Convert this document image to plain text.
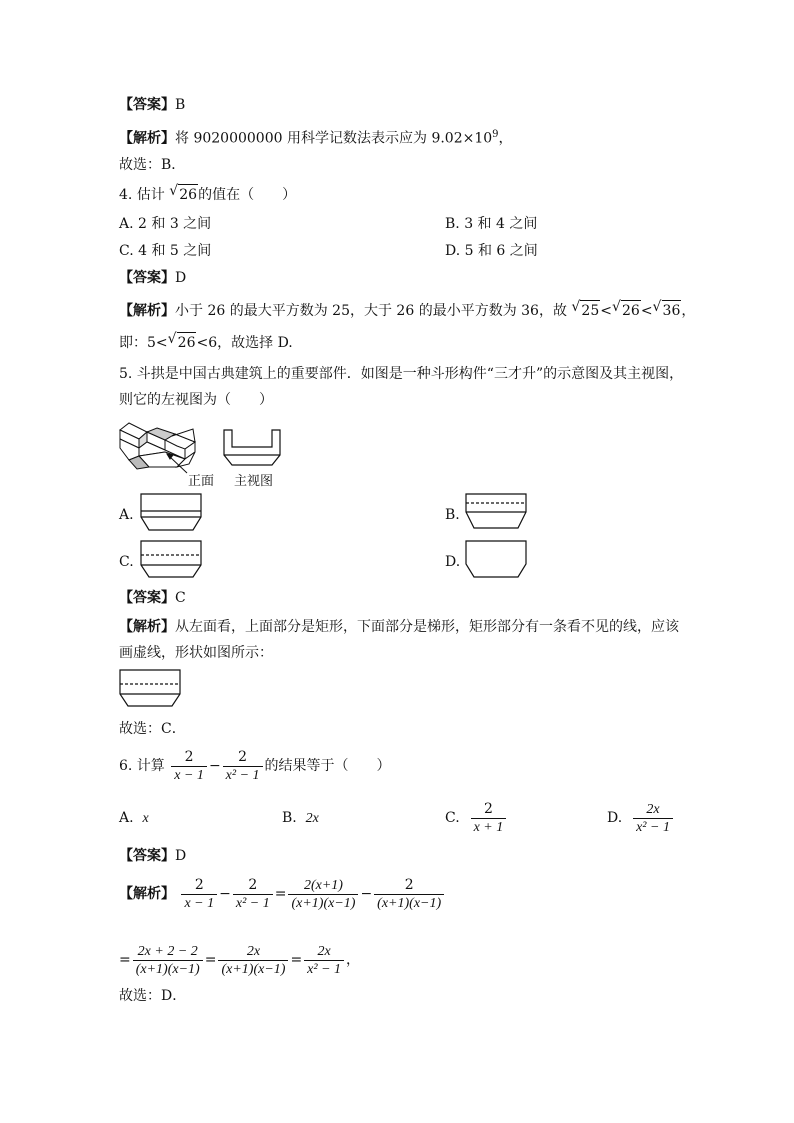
【答案】B
【解析】将 9020000000 用科学记数法表示应为 $9.02\times 10^9$，
故选：B．
4. 估计 √ 26的值在（　　）
A. 2 和 3 之间	B. 3 和 4 之间
C. 4 和 5 之间	D. 5 和 6 之间
【答案】D
【解析】小于 26 的最大平方数为 25，大于 26 的最小平方数为 36，故 √ 25< √ 26< √ 36，
即：5< √ 26<6，故选择 D.
5. 斗拱是中国古典建筑上的重要部件．如图是一种斗形构件“三才升”的示意图及其主视图，
则它的左视图为（　　）
正面 主视图
A.	B.
C.	D.
【答案】C
【解析】从左面看，上面部分是矩形，下面部分是梯形，矩形部分有一条看不见的线，应该
画虚线，形状如图所示：
故选：C．
6. 计算 $\frac{2}{x - 1} - \frac{2}{\text{x² − 1}}$ 的结果等于（　　）
A. x	B. 2x	C. $\frac{2}{x + 1}$	D. $\frac{2x}{\text{x² − 1}}$
【答案】D
【解析】 $\frac{2}{x - 1} - \frac{2}{\text{x² − 1}} = \frac{2(x+1)}{(x+1)(x-1)} - \frac{2}{(x+1)(x-1)}$
= $\frac{2x + 2 - 2}{(x+1)(x-1)} = \frac{2x}{(x+1)(x-1)} = \frac{2x}{\text{x² − 1}}$ ，
故选：D．
